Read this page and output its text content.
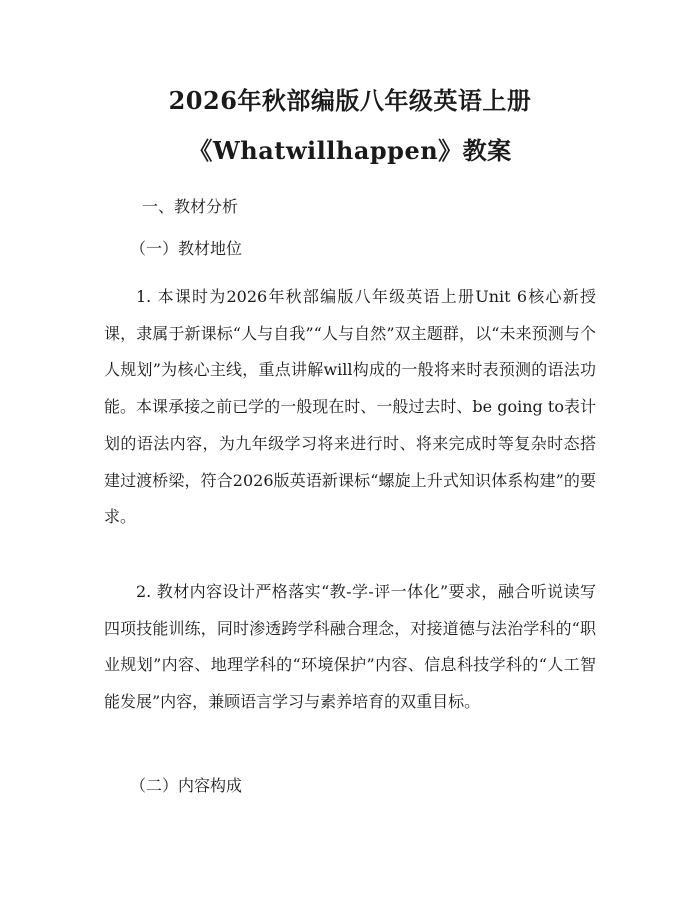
2026年秋部编版八年级英语上册
《Whatwillhappen》教案
一、教材分析
（一）教材地位

1. 本课时为2026年秋部编版八年级英语上册Unit 6核心新授课，隶属于新课标“人与自我”“人与自然”双主题群，以“未来预测与个人规划”为核心主线，重点讲解will构成的一般将来时表预测的语法功能。本课承接之前已学的一般现在时、一般过去时、be going to表计划的语法内容，为九年级学习将来进行时、将来完成时等复杂时态搭建过渡桥梁，符合2026版英语新课标“螺旋上升式知识体系构建”的要求。

2. 教材内容设计严格落实“教-学-评一体化”要求，融合听说读写四项技能训练，同时渗透跨学科融合理念，对接道德与法治学科的“职业规划”内容、地理学科的“环境保护”内容、信息科技学科的“人工智能发展”内容，兼顾语言学习与素养培育的双重目标。

（二）内容构成
